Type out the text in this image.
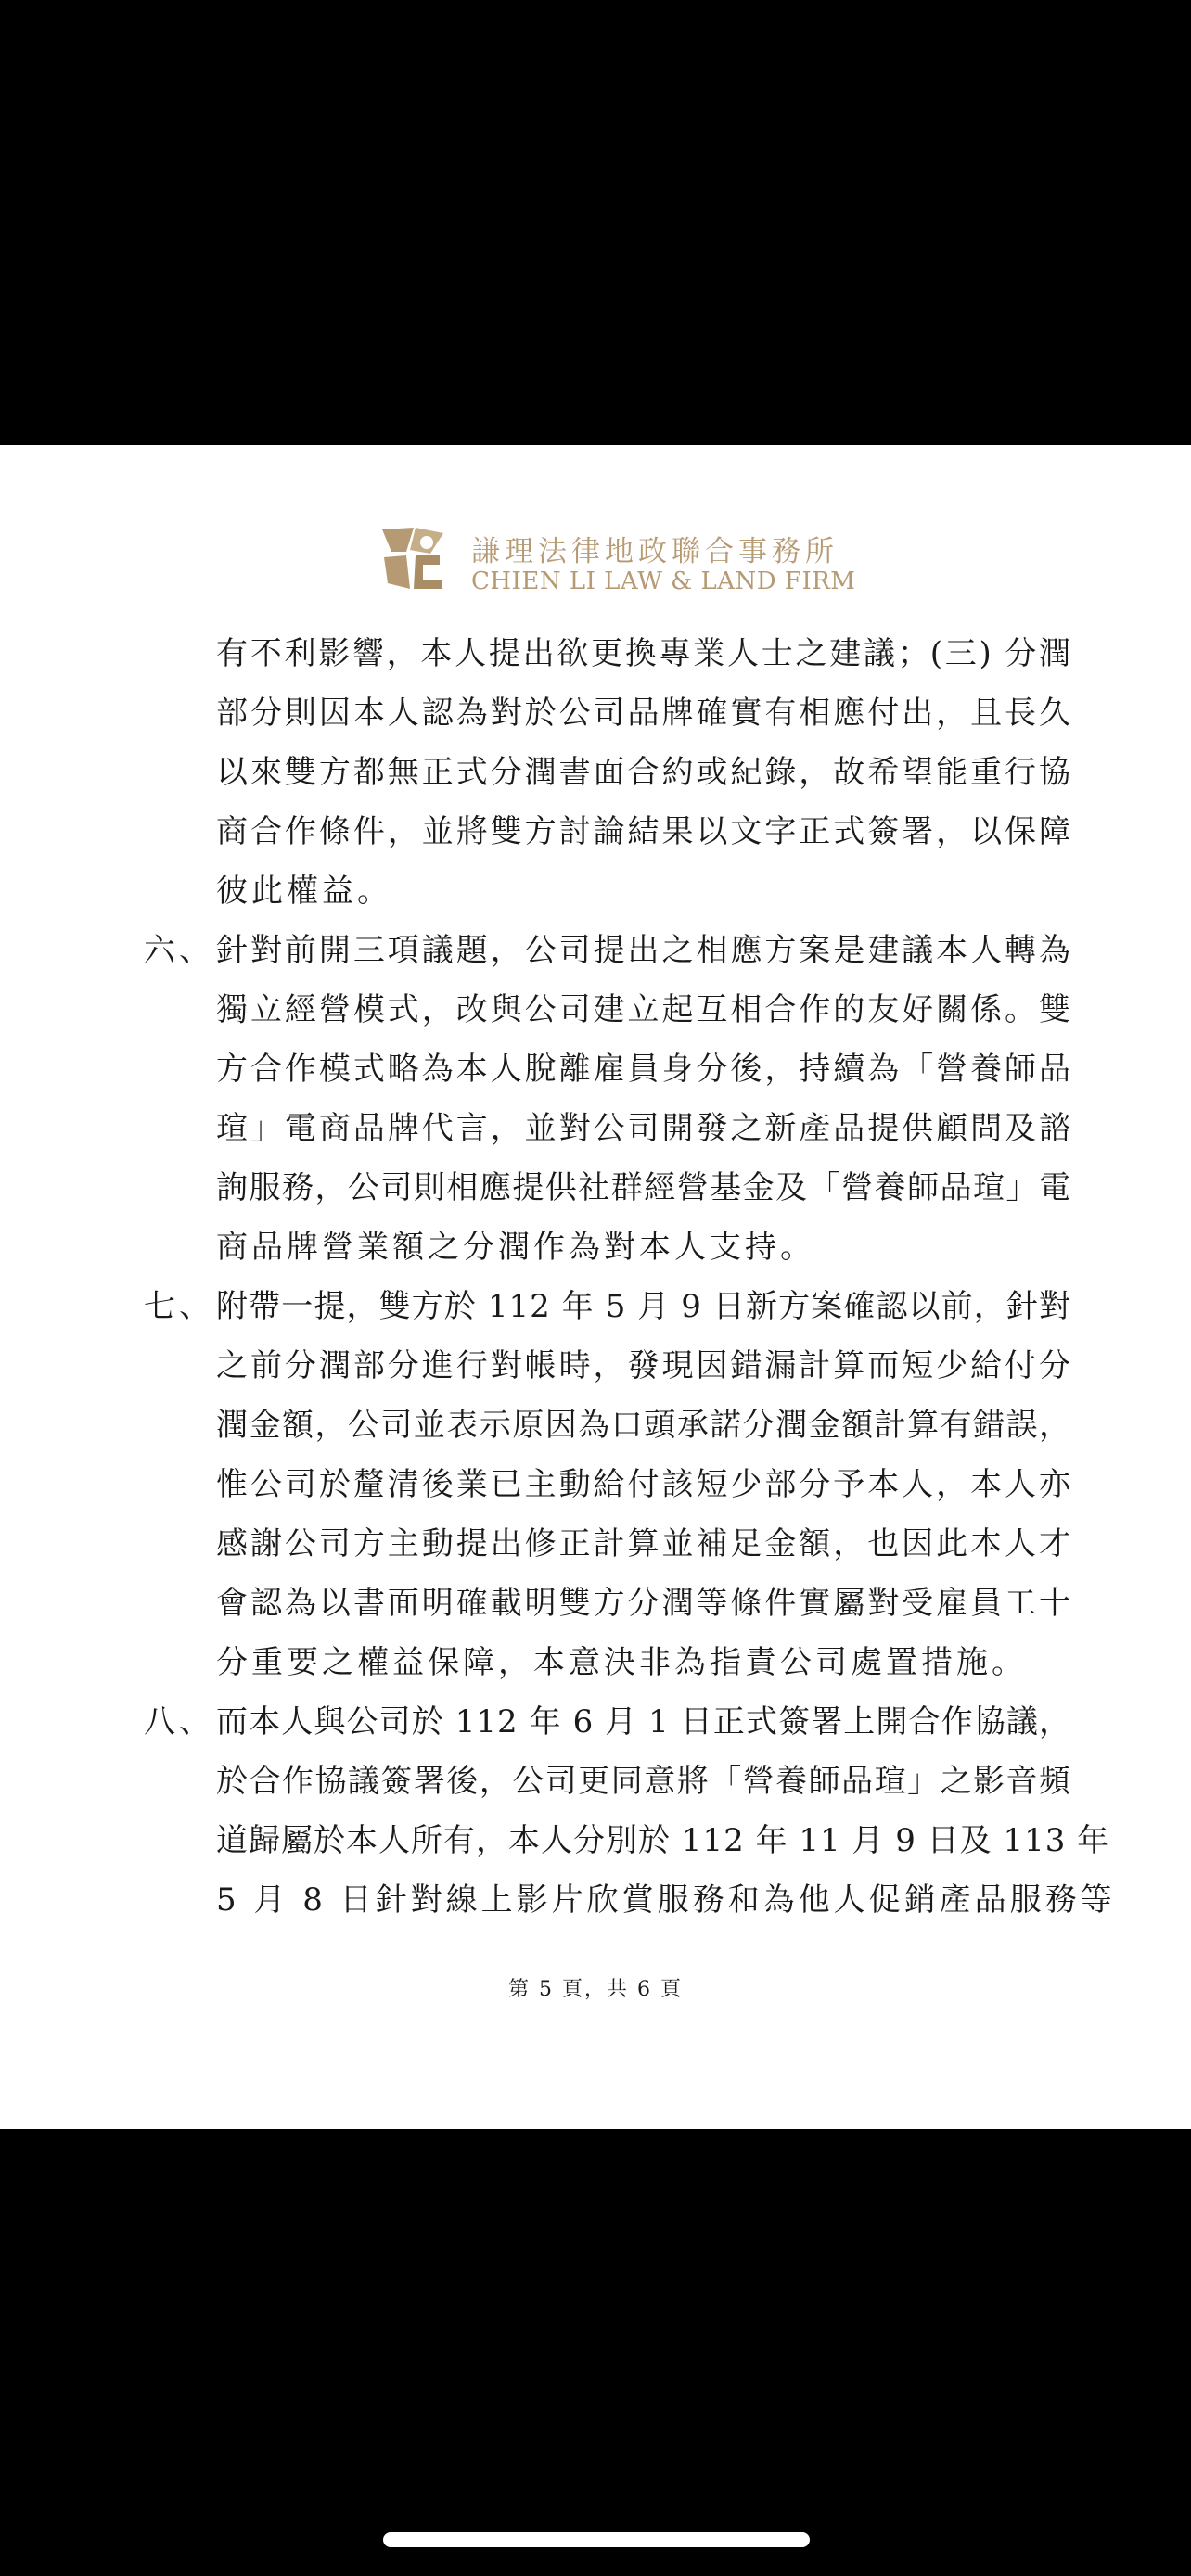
謙理法律地政聯合事務所
CHIEN LI LAW & LAND FIRM
有不利影響，本人提出欲更換專業人士之建議；(三) 分潤
部分則因本人認為對於公司品牌確實有相應付出，且長久
以來雙方都無正式分潤書面合約或紀錄，故希望能重行協
商合作條件，並將雙方討論結果以文字正式簽署，以保障
彼此權益。
六、 針對前開三項議題，公司提出之相應方案是建議本人轉為
獨立經營模式，改與公司建立起互相合作的友好關係。雙
方合作模式略為本人脫離雇員身分後，持續為「營養師品
瑄」電商品牌代言，並對公司開發之新產品提供顧問及諮
詢服務，公司則相應提供社群經營基金及「營養師品瑄」電
商品牌營業額之分潤作為對本人支持。
七、 附帶一提，雙方於 112 年 5 月 9 日新方案確認以前，針對
之前分潤部分進行對帳時，發現因錯漏計算而短少給付分
潤金額，公司並表示原因為口頭承諾分潤金額計算有錯誤，
惟公司於釐清後業已主動給付該短少部分予本人，本人亦
感謝公司方主動提出修正計算並補足金額，也因此本人才
會認為以書面明確載明雙方分潤等條件實屬對受雇員工十
分重要之權益保障，本意決非為指責公司處置措施。
八、 而本人與公司於 112 年 6 月 1 日正式簽署上開合作協議，
於合作協議簽署後，公司更同意將「營養師品瑄」之影音頻
道歸屬於本人所有，本人分別於 112 年 11 月 9 日及 113 年
5 月 8 日針對線上影片欣賞服務和為他人促銷產品服務等
第 5 頁，共 6 頁
